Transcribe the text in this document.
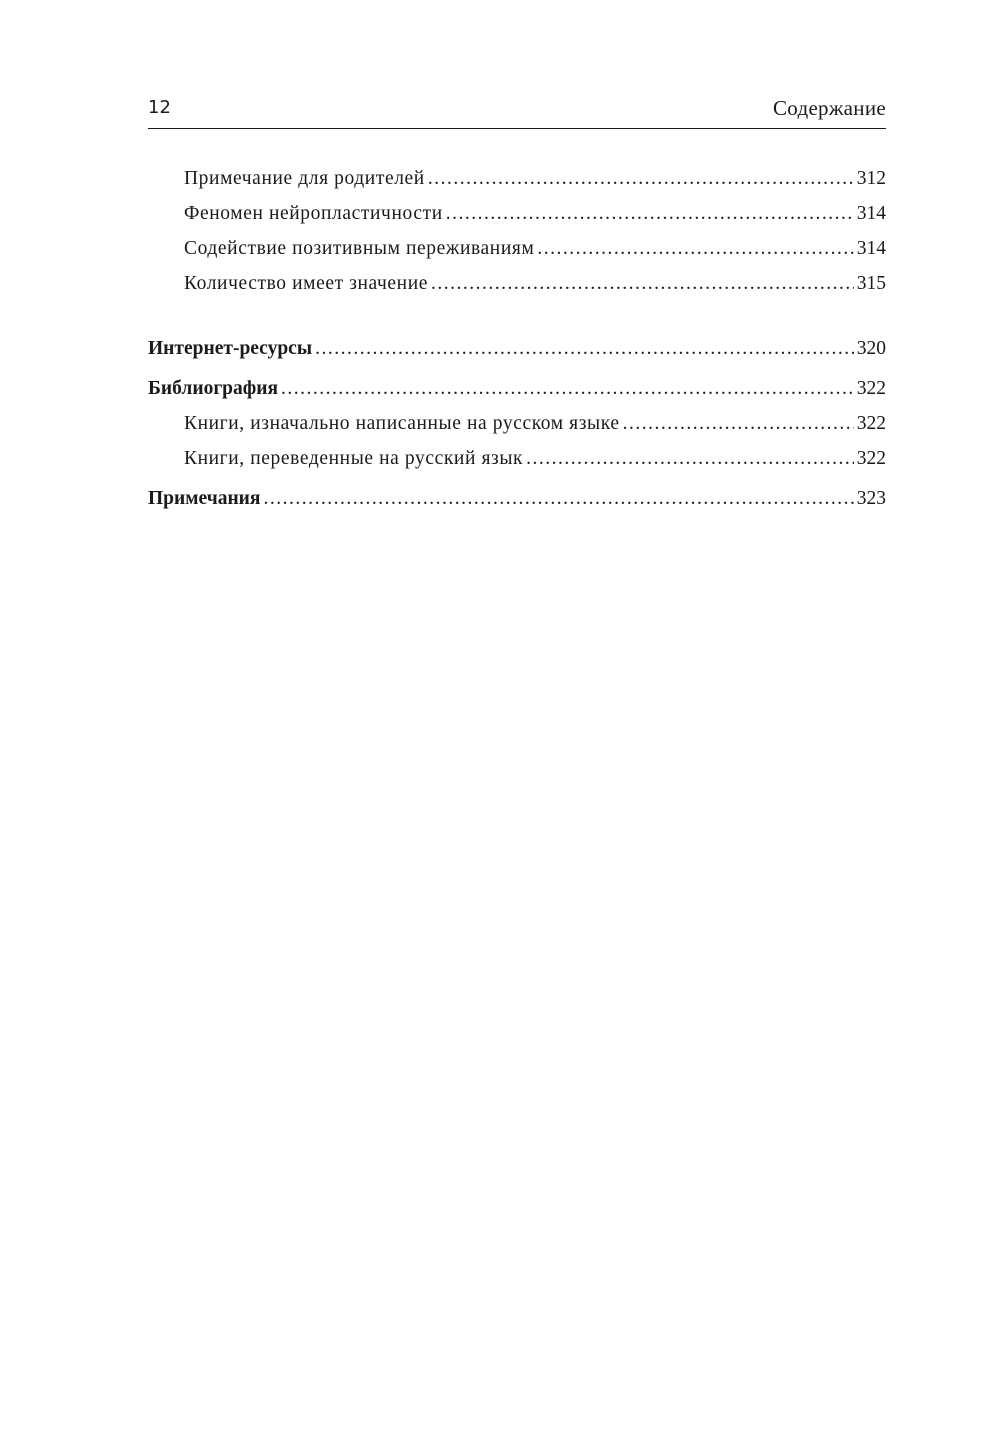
12	Содержание
Примечание для родителей .....	312
Феномен нейропластичности .....	314
Содействие позитивным переживаниям .....	314
Количество имеет значение .....	315
Интернет-ресурсы .....	320
Библиография .....	322
Книги, изначально написанные на русском языке .....	322
Книги, переведенные на русский язык .....	322
Примечания .....	323
